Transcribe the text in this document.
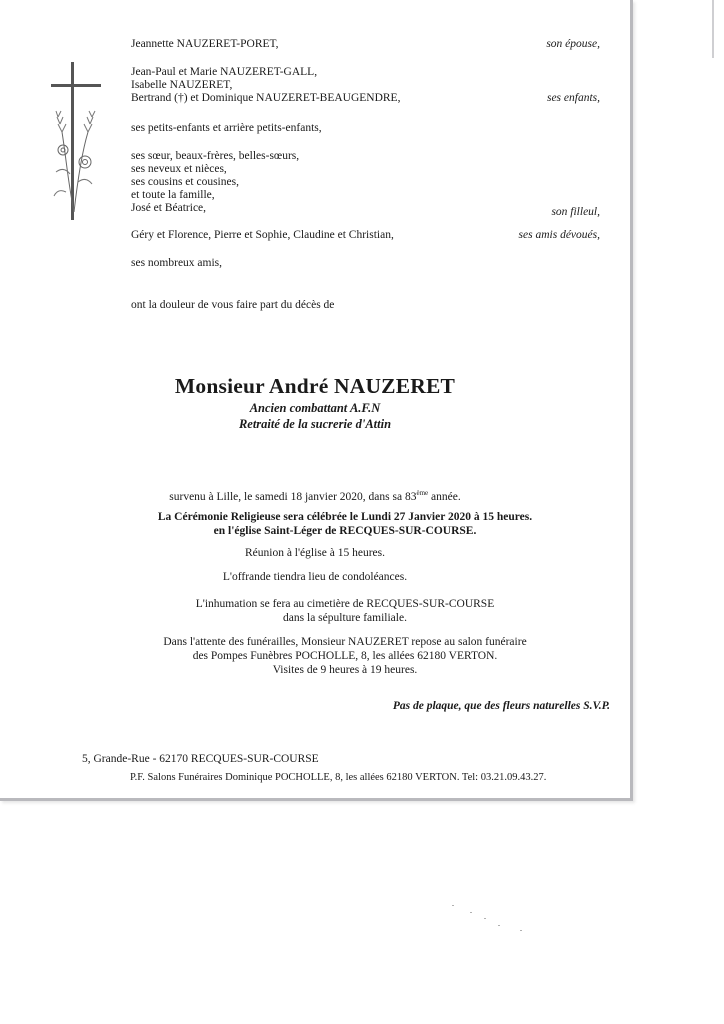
Jeannette NAUZERET-PORET,	son épouse,
Jean-Paul et Marie NAUZERET-GALL,
Isabelle NAUZERET,
Bertrand (†) et Dominique NAUZERET-BEAUGENDRE,	ses enfants,
ses petits-enfants et arrière petits-enfants,
ses sœur, beaux-frères, belles-sœurs,
ses neveux et nièces,
ses cousins et cousines,
et toute la famille,
José et Béatrice,	son filleul,
Géry et Florence, Pierre et Sophie, Claudine et Christian,	ses amis dévoués,
ses nombreux amis,
ont la douleur de vous faire part du décès de
Monsieur André NAUZERET
Ancien combattant A.F.N
Retraité de la sucrerie d'Attin
survenu à Lille, le samedi 18 janvier 2020, dans sa 83ème année.
La Cérémonie Religieuse sera célébrée le Lundi 27 Janvier 2020 à 15 heures.
en l'église Saint-Léger de RECQUES-SUR-COURSE.
Réunion à l'église à 15 heures.
L'offrande tiendra lieu de condoléances.
L'inhumation se fera au cimetière de RECQUES-SUR-COURSE
dans la sépulture familiale.
Dans l'attente des funérailles, Monsieur NAUZERET repose au salon funéraire
des Pompes Funèbres POCHOLLE, 8, les allées 62180 VERTON.
Visites de 9 heures à 19 heures.
Pas de plaque, que des fleurs naturelles S.V.P.
5, Grande-Rue - 62170 RECQUES-SUR-COURSE
P.F. Salons Funéraires Dominique POCHOLLE, 8, les allées 62180 VERTON. Tel: 03.21.09.43.27.
